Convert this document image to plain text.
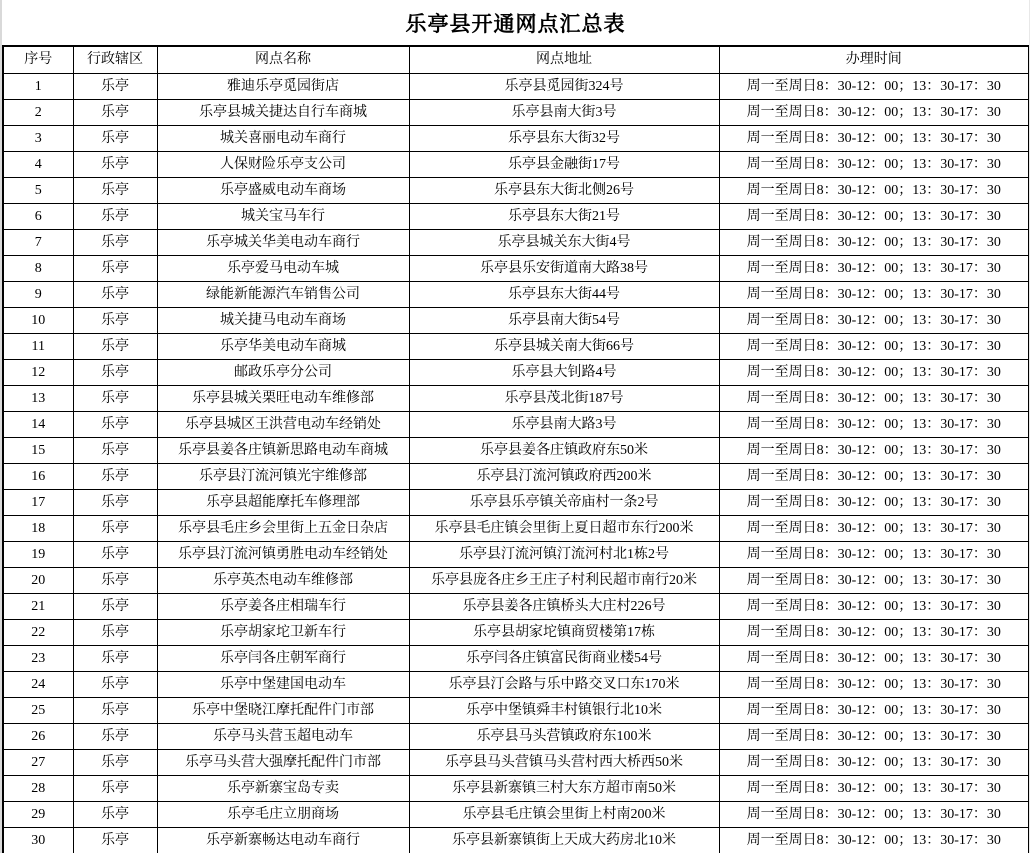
乐亭县开通网点汇总表
序号	行政辖区	网点名称	网点地址	办理时间
1	乐亭	雅迪乐亭觅园街店	乐亭县觅园街324号	周一至周日8：30-12：00；13：30-17：30
2	乐亭	乐亭县城关捷达自行车商城	乐亭县南大街3号	周一至周日8：30-12：00；13：30-17：30
3	乐亭	城关喜丽电动车商行	乐亭县东大街32号	周一至周日8：30-12：00；13：30-17：30
4	乐亭	人保财险乐亭支公司	乐亭县金融街17号	周一至周日8：30-12：00；13：30-17：30
5	乐亭	乐亭盛威电动车商场	乐亭县东大街北侧26号	周一至周日8：30-12：00；13：30-17：30
6	乐亭	城关宝马车行	乐亭县东大街21号	周一至周日8：30-12：00；13：30-17：30
7	乐亭	乐亭城关华美电动车商行	乐亭县城关东大街4号	周一至周日8：30-12：00；13：30-17：30
8	乐亭	乐亭爱马电动车城	乐亭县乐安街道南大路38号	周一至周日8：30-12：00；13：30-17：30
9	乐亭	绿能新能源汽车销售公司	乐亭县东大街44号	周一至周日8：30-12：00；13：30-17：30
10	乐亭	城关捷马电动车商场	乐亭县南大街54号	周一至周日8：30-12：00；13：30-17：30
11	乐亭	乐亭华美电动车商城	乐亭县城关南大街66号	周一至周日8：30-12：00；13：30-17：30
12	乐亭	邮政乐亭分公司	乐亭县大钊路4号	周一至周日8：30-12：00；13：30-17：30
13	乐亭	乐亭县城关栗旺电动车维修部	乐亭县茂北街187号	周一至周日8：30-12：00；13：30-17：30
14	乐亭	乐亭县城区王洪营电动车经销处	乐亭县南大路3号	周一至周日8：30-12：00；13：30-17：30
15	乐亭	乐亭县姜各庄镇新思路电动车商城	乐亭县姜各庄镇政府东50米	周一至周日8：30-12：00；13：30-17：30
16	乐亭	乐亭县汀流河镇光宇维修部	乐亭县汀流河镇政府西200米	周一至周日8：30-12：00；13：30-17：30
17	乐亭	乐亭县超能摩托车修理部	乐亭县乐亭镇关帝庙村一条2号	周一至周日8：30-12：00；13：30-17：30
18	乐亭	乐亭县毛庄乡会里街上五金日杂店	乐亭县毛庄镇会里街上夏日超市东行200米	周一至周日8：30-12：00；13：30-17：30
19	乐亭	乐亭县汀流河镇勇胜电动车经销处	乐亭县汀流河镇汀流河村北1栋2号	周一至周日8：30-12：00；13：30-17：30
20	乐亭	乐亭英杰电动车维修部	乐亭县庞各庄乡王庄子村利民超市南行20米	周一至周日8：30-12：00；13：30-17：30
21	乐亭	乐亭姜各庄相瑞车行	乐亭县姜各庄镇桥头大庄村226号	周一至周日8：30-12：00；13：30-17：30
22	乐亭	乐亭胡家坨卫新车行	乐亭县胡家坨镇商贸楼第17栋	周一至周日8：30-12：00；13：30-17：30
23	乐亭	乐亭闫各庄朝军商行	乐亭闫各庄镇富民街商业楼54号	周一至周日8：30-12：00；13：30-17：30
24	乐亭	乐亭中堡建国电动车	乐亭县汀会路与乐中路交叉口东170米	周一至周日8：30-12：00；13：30-17：30
25	乐亭	乐亭中堡晓江摩托配件门市部	乐亭中堡镇舜丰村镇银行北10米	周一至周日8：30-12：00；13：30-17：30
26	乐亭	乐亭马头营玉超电动车	乐亭县马头营镇政府东100米	周一至周日8：30-12：00；13：30-17：30
27	乐亭	乐亭马头营大强摩托配件门市部	乐亭县马头营镇马头营村西大桥西50米	周一至周日8：30-12：00；13：30-17：30
28	乐亭	乐亭新寨宝岛专卖	乐亭县新寨镇三村大东方超市南50米	周一至周日8：30-12：00；13：30-17：30
29	乐亭	乐亭毛庄立朋商场	乐亭县毛庄镇会里街上村南200米	周一至周日8：30-12：00；13：30-17：30
30	乐亭	乐亭新寨畅达电动车商行	乐亭县新寨镇街上天成大药房北10米	周一至周日8：30-12：00；13：30-17：30
